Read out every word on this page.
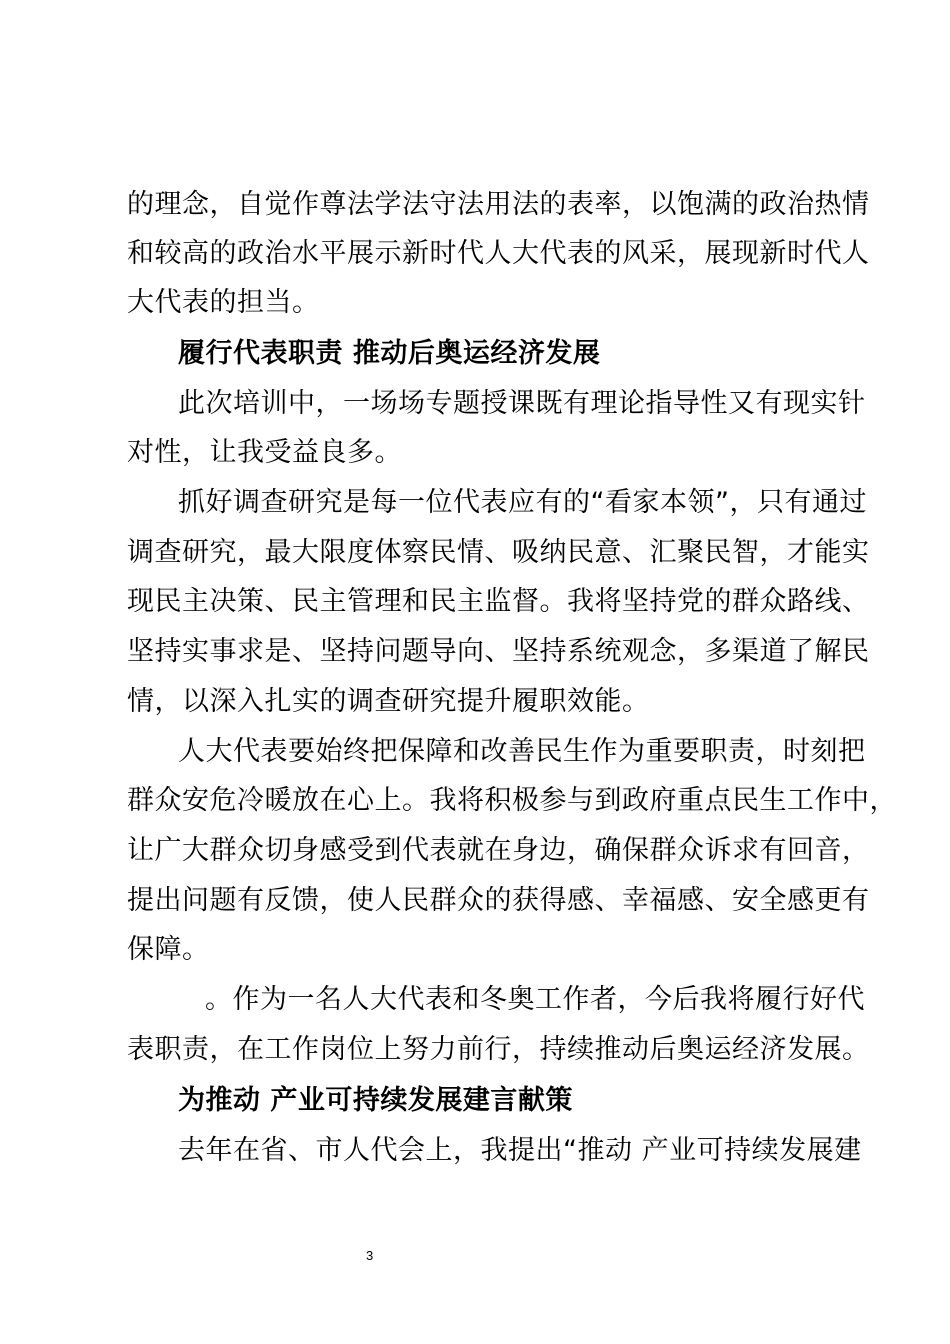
的理念，自觉作尊法学法守法用法的表率，以饱满的政治热情
和较高的政治水平展示新时代人大代表的风采，展现新时代人
大代表的担当。
履行代表职责 推动后奥运经济发展
此次培训中，一场场专题授课既有理论指导性又有现实针
对性，让我受益良多。
抓好调查研究是每一位代表应有的“看家本领”，只有通过
调查研究，最大限度体察民情、吸纳民意、汇聚民智，才能实
现民主决策、民主管理和民主监督。我将坚持党的群众路线、
坚持实事求是、坚持问题导向、坚持系统观念，多渠道了解民
情，以深入扎实的调查研究提升履职效能。
人大代表要始终把保障和改善民生作为重要职责，时刻把
群众安危冷暖放在心上。我将积极参与到政府重点民生工作中，
让广大群众切身感受到代表就在身边，确保群众诉求有回音，
提出问题有反馈，使人民群众的获得感、幸福感、安全感更有
保障。
。作为一名人大代表和冬奥工作者，今后我将履行好代
表职责，在工作岗位上努力前行，持续推动后奥运经济发展。
为推动 产业可持续发展建言献策
去年在省、市人代会上，我提出“推动 产业可持续发展建
3
